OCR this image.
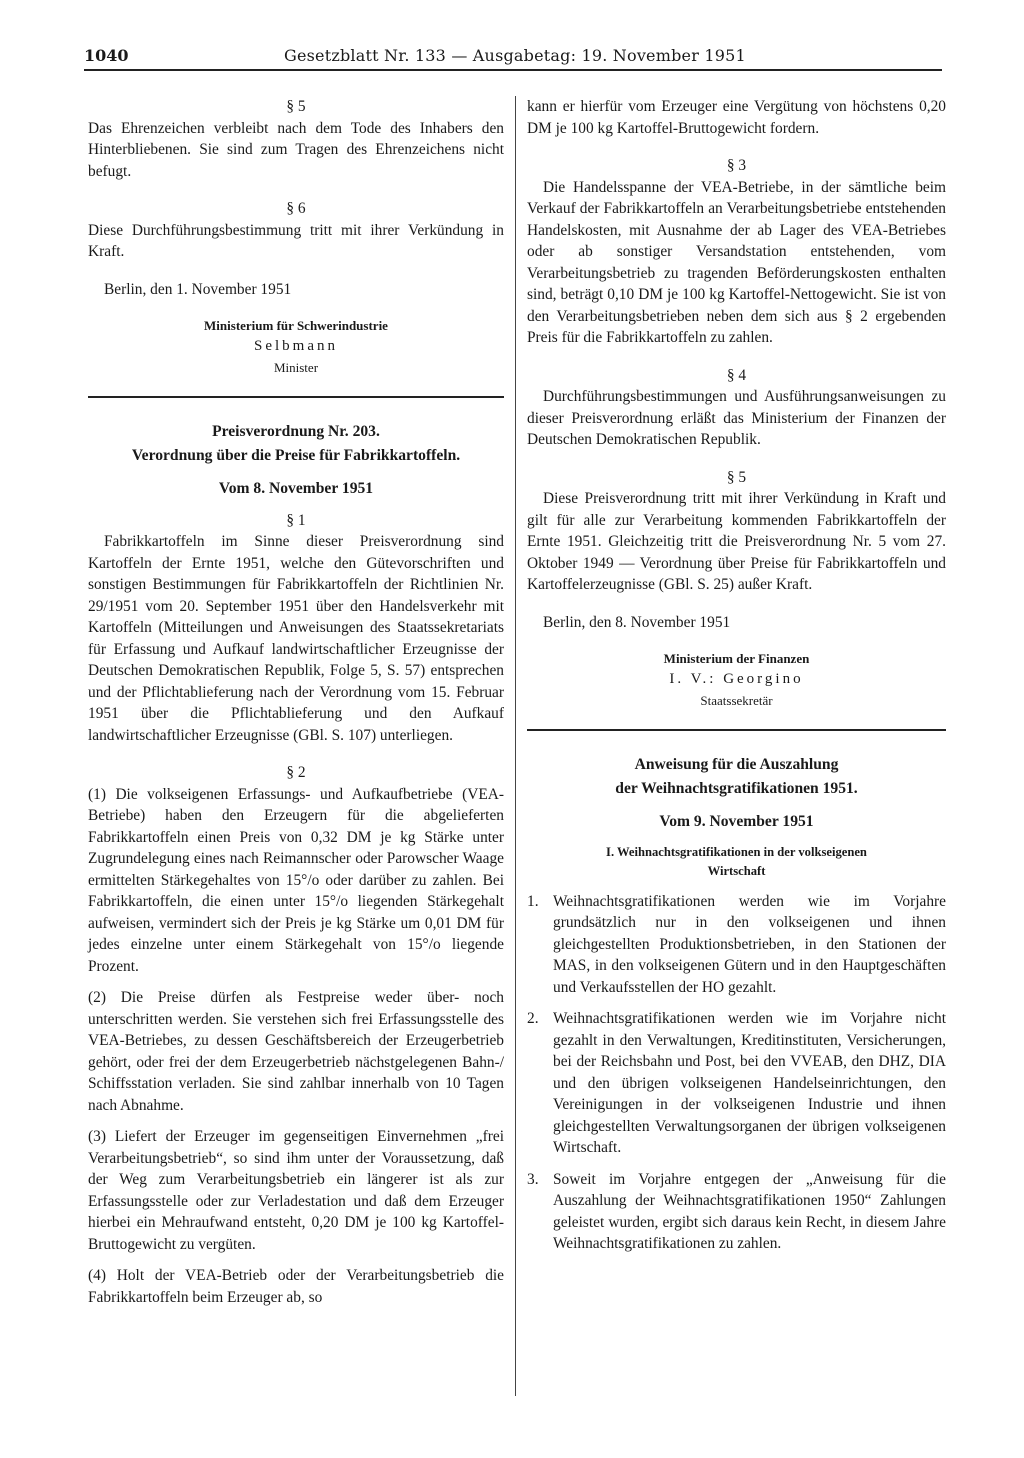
1040	Gesetzblatt Nr. 133 — Ausgabetag: 19. November 1951

§ 5

Das Ehrenzeichen verbleibt nach dem Tode des Inhabers den Hinterbliebenen. Sie sind zum Tragen des Ehrenzeichens nicht befugt.

§ 6

Diese Durchführungsbestimmung tritt mit ihrer Verkündung in Kraft.

Berlin, den 1. November 1951

Ministerium für Schwerindustrie

Selbmann

Minister

Preisverordnung Nr. 203.

Verordnung über die Preise für Fabrikkartoffeln.

Vom 8. November 1951

§ 1

Fabrikkartoffeln im Sinne dieser Preisverordnung sind Kartoffeln der Ernte 1951, welche den Gütevorschriften und sonstigen Bestimmungen für Fabrikkartoffeln der Richtlinien Nr. 29/1951 vom 20. September 1951 über den Handelsverkehr mit Kartoffeln (Mitteilungen und Anweisungen des Staatssekretariats für Erfassung und Aufkauf landwirtschaftlicher Erzeugnisse der Deutschen Demokratischen Republik, Folge 5, S. 57) entsprechen und der Pflichtablieferung nach der Verordnung vom 15. Februar 1951 über die Pflichtablieferung und den Aufkauf landwirtschaftlicher Erzeugnisse (GBl. S. 107) unterliegen.

§ 2

(1) Die volkseigenen Erfassungs- und Aufkaufbetriebe (VEA-Betriebe) haben den Erzeugern für die abgelieferten Fabrikkartoffeln einen Preis von 0,32 DM je kg Stärke unter Zugrundelegung eines nach Reimannscher oder Parowscher Waage ermittelten Stärkegehaltes von 15°/o oder darüber zu zahlen. Bei Fabrikkartoffeln, die einen unter 15°/o liegenden Stärkegehalt aufweisen, vermindert sich der Preis je kg Stärke um 0,01 DM für jedes einzelne unter einem Stärkegehalt von 15°/o liegende Prozent.

(2) Die Preise dürfen als Festpreise weder über- noch unterschritten werden. Sie verstehen sich frei Erfassungsstelle des VEA-Betriebes, zu dessen Geschäftsbereich der Erzeugerbetrieb gehört, oder frei der dem Erzeugerbetrieb nächstgelegenen Bahn-/ Schiffsstation verladen. Sie sind zahlbar innerhalb von 10 Tagen nach Abnahme.

(3) Liefert der Erzeuger im gegenseitigen Einvernehmen „frei Verarbeitungsbetrieb“, so sind ihm unter der Voraussetzung, daß der Weg zum Verarbeitungsbetrieb ein längerer ist als zur Erfassungsstelle oder zur Verladestation und daß dem Erzeuger hierbei ein Mehraufwand entsteht, 0,20 DM je 100 kg Kartoffel-Bruttogewicht zu vergüten.

(4) Holt der VEA-Betrieb oder der Verarbeitungsbetrieb die Fabrikkartoffeln beim Erzeuger ab, so

kann er hierfür vom Erzeuger eine Vergütung von höchstens 0,20 DM je 100 kg Kartoffel-Bruttogewicht fordern.

§ 3

Die Handelsspanne der VEA-Betriebe, in der sämtliche beim Verkauf der Fabrikkartoffeln an Verarbeitungsbetriebe entstehenden Handelskosten, mit Ausnahme der ab Lager des VEA-Betriebes oder ab sonstiger Versandstation entstehenden, vom Verarbeitungsbetrieb zu tragenden Beförderungskosten enthalten sind, beträgt 0,10 DM je 100 kg Kartoffel-Nettogewicht. Sie ist von den Verarbeitungsbetrieben neben dem sich aus § 2 ergebenden Preis für die Fabrikkartoffeln zu zahlen.

§ 4

Durchführungsbestimmungen und Ausführungsanweisungen zu dieser Preisverordnung erläßt das Ministerium der Finanzen der Deutschen Demokratischen Republik.

§ 5

Diese Preisverordnung tritt mit ihrer Verkündung in Kraft und gilt für alle zur Verarbeitung kommenden Fabrikkartoffeln der Ernte 1951. Gleichzeitig tritt die Preisverordnung Nr. 5 vom 27. Oktober 1949 — Verordnung über Preise für Fabrikkartoffeln und Kartoffelerzeugnisse (GBl. S. 25) außer Kraft.

Berlin, den 8. November 1951

Ministerium der Finanzen

I. V.: Georgino

Staatssekretär

Anweisung für die Auszahlung

der Weihnachtsgratifikationen 1951.

Vom 9. November 1951

I. Weihnachtsgratifikationen in der volkseigenen

Wirtschaft

1. Weihnachtsgratifikationen werden wie im Vorjahre grundsätzlich nur in den volkseigenen und ihnen gleichgestellten Produktionsbetrieben, in den Stationen der MAS, in den volkseigenen Gütern und in den Hauptgeschäften und Verkaufsstellen der HO gezahlt.
2. Weihnachtsgratifikationen werden wie im Vorjahre nicht gezahlt in den Verwaltungen, Kreditinstituten, Versicherungen, bei der Reichsbahn und Post, bei den VVEAB, den DHZ, DIA und den übrigen volkseigenen Handelseinrichtungen, den Vereinigungen in der volkseigenen Industrie und ihnen gleichgestellten Verwaltungsorganen der übrigen volkseigenen Wirtschaft.
3. Soweit im Vorjahre entgegen der „Anweisung für die Auszahlung der Weihnachtsgratifikationen 1950“ Zahlungen geleistet wurden, ergibt sich daraus kein Recht, in diesem Jahre Weihnachtsgratifikationen zu zahlen.
